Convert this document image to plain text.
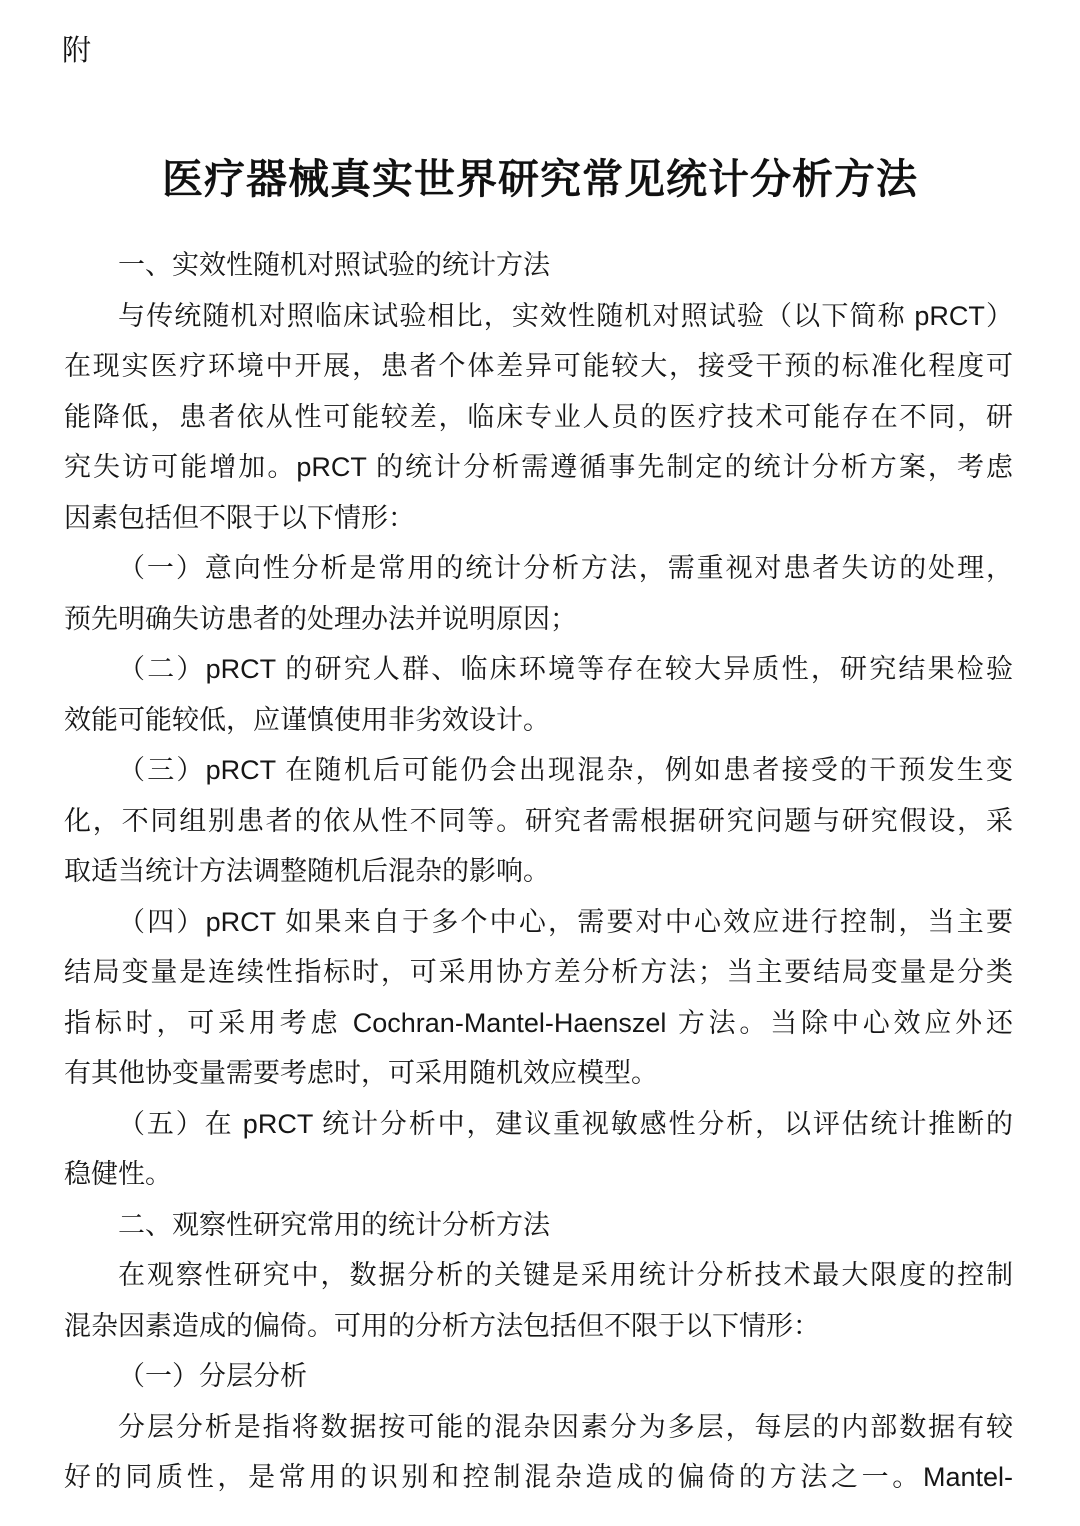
附
医疗器械真实世界研究常见统计分析方法
一、实效性随机对照试验的统计方法
与传统随机对照临床试验相比，实效性随机对照试验（以下简称 pRCT）
在现实医疗环境中开展，患者个体差异可能较大，接受干预的标准化程度可
能降低，患者依从性可能较差，临床专业人员的医疗技术可能存在不同，研
究失访可能增加。pRCT 的统计分析需遵循事先制定的统计分析方案，考虑
因素包括但不限于以下情形：
（一）意向性分析是常用的统计分析方法，需重视对患者失访的处理，
预先明确失访患者的处理办法并说明原因；
（二）pRCT 的研究人群、临床环境等存在较大异质性，研究结果检验
效能可能较低，应谨慎使用非劣效设计。
（三）pRCT 在随机后可能仍会出现混杂，例如患者接受的干预发生变
化，不同组别患者的依从性不同等。研究者需根据研究问题与研究假设，采
取适当统计方法调整随机后混杂的影响。
（四）pRCT 如果来自于多个中心，需要对中心效应进行控制，当主要
结局变量是连续性指标时，可采用协方差分析方法；当主要结局变量是分类
指标时，可采用考虑 Cochran-Mantel-Haenszel 方法。当除中心效应外还
有其他协变量需要考虑时，可采用随机效应模型。
（五）在 pRCT 统计分析中，建议重视敏感性分析，以评估统计推断的
稳健性。
二、观察性研究常用的统计分析方法
在观察性研究中，数据分析的关键是采用统计分析技术最大限度的控制
混杂因素造成的偏倚。可用的分析方法包括但不限于以下情形：
（一）分层分析
分层分析是指将数据按可能的混杂因素分为多层，每层的内部数据有较
好的同质性，是常用的识别和控制混杂造成的偏倚的方法之一。Mantel-
